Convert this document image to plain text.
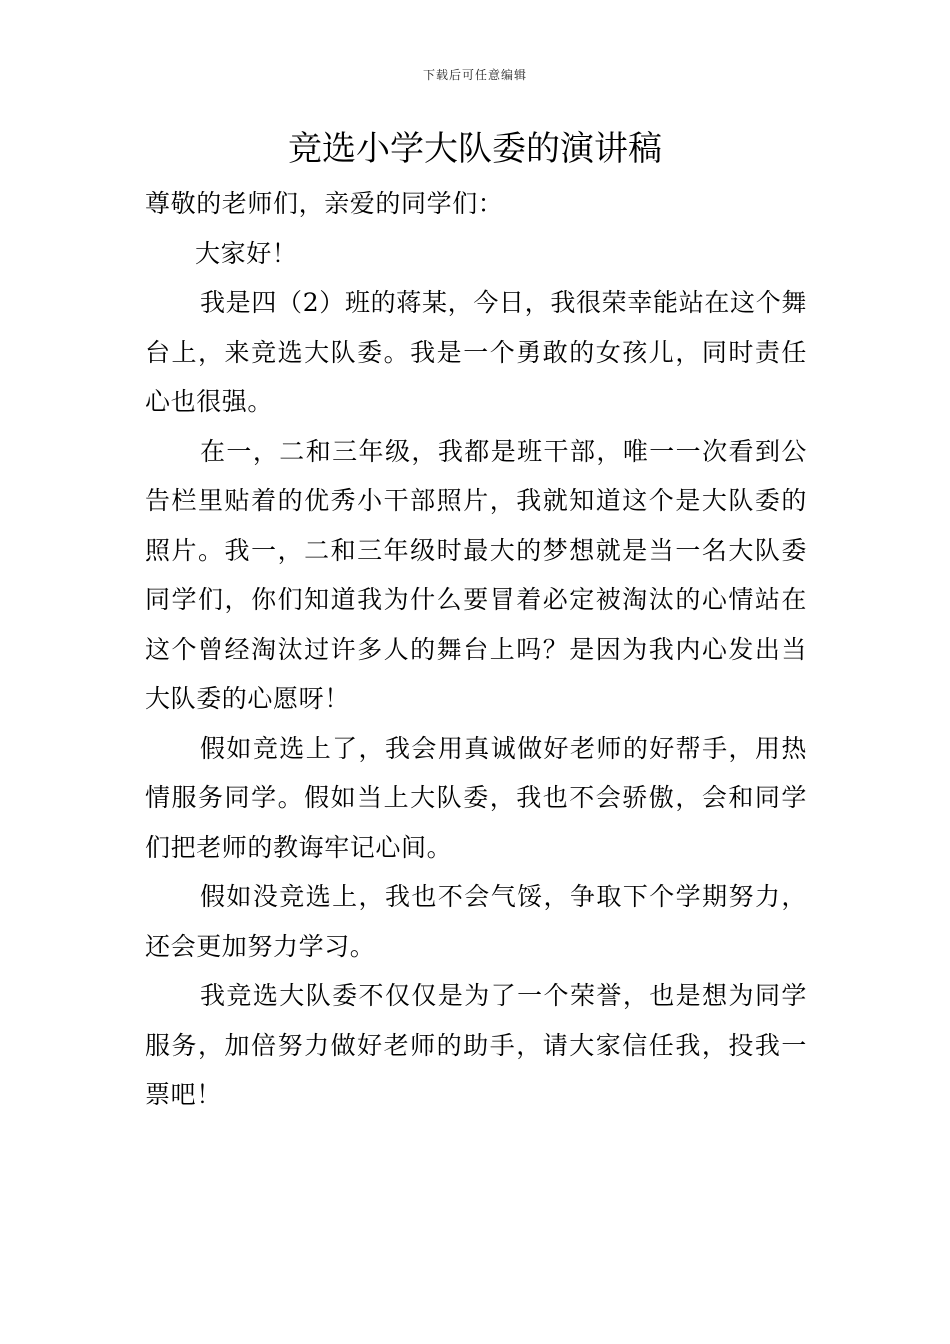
下载后可任意编辑
竞选小学大队委的演讲稿

尊敬的老师们，亲爱的同学们：

大家好！

我是四（2）班的蒋某，今日，我很荣幸能站在这个舞台上，来竞选大队委。我是一个勇敢的女孩儿，同时责任心也很强。

在一，二和三年级，我都是班干部，唯一一次看到公告栏里贴着的优秀小干部照片，我就知道这个是大队委的照片。我一，二和三年级时最大的梦想就是当一名大队委同学们，你们知道我为什么要冒着必定被淘汰的心情站在这个曾经淘汰过许多人的舞台上吗？是因为我内心发出当大队委的心愿呀！

假如竞选上了，我会用真诚做好老师的好帮手，用热情服务同学。假如当上大队委，我也不会骄傲，会和同学们把老师的教诲牢记心间。

假如没竞选上，我也不会气馁，争取下个学期努力，还会更加努力学习。

我竞选大队委不仅仅是为了一个荣誉，也是想为同学服务，加倍努力做好老师的助手，请大家信任我，投我一票吧！
